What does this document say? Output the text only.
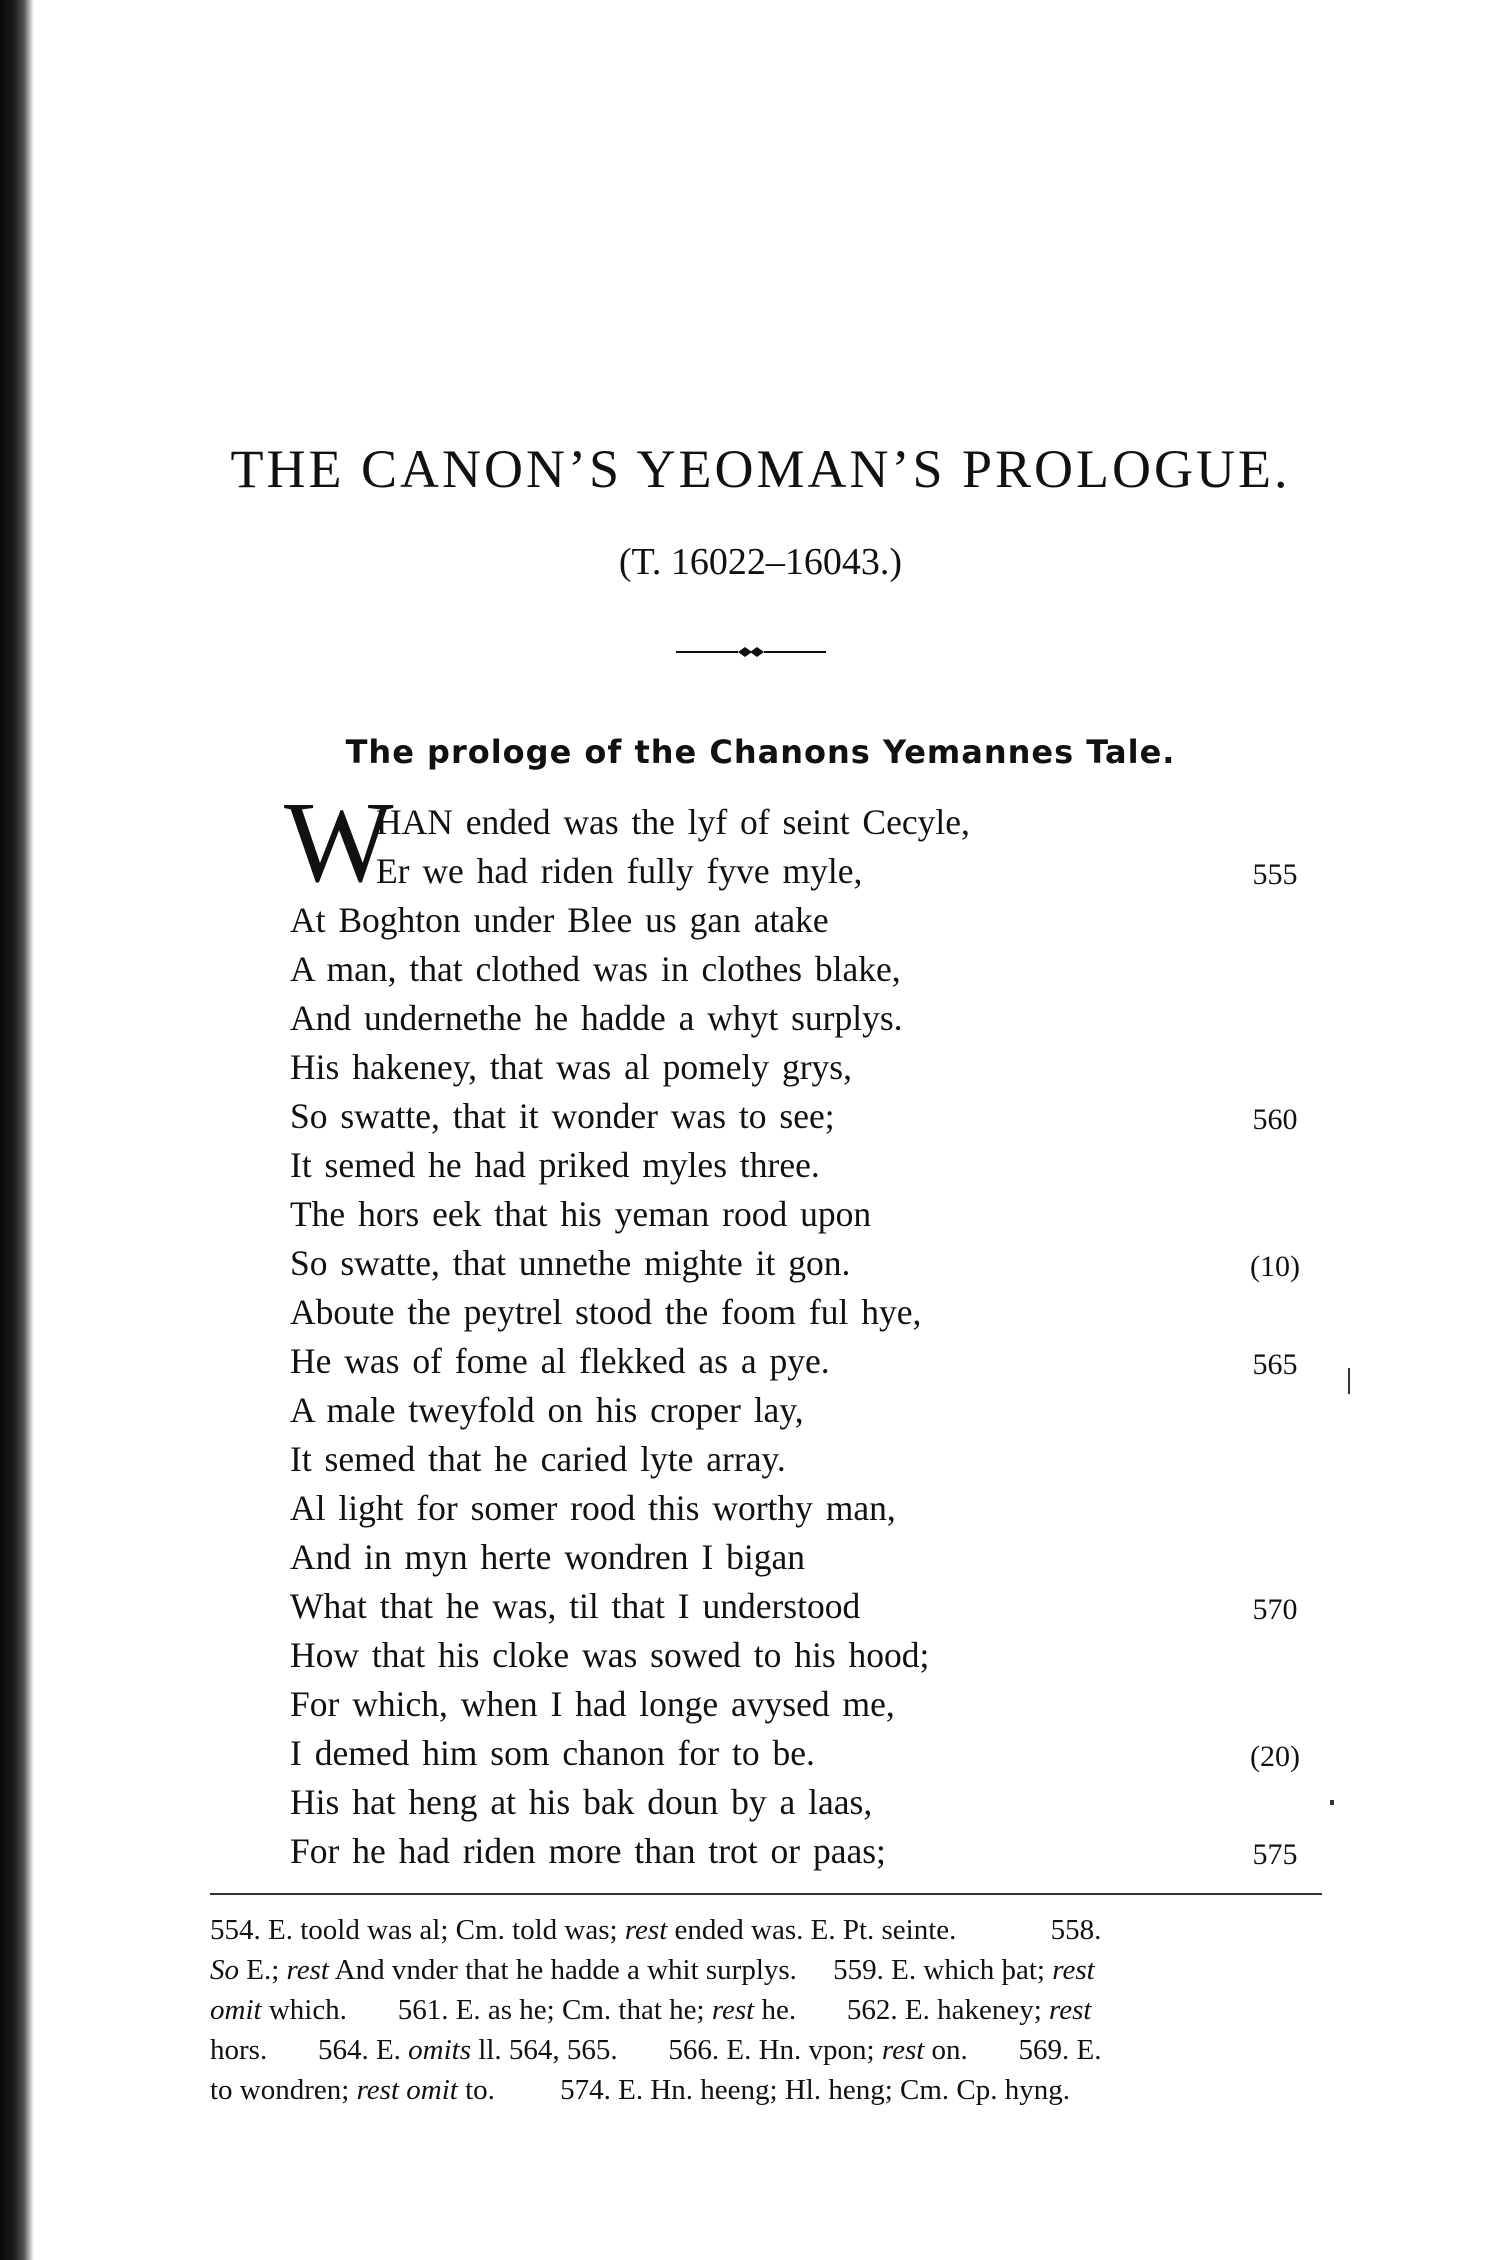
THE CANON’S YEOMAN’S PROLOGUE.
(T. 16022–16043.)
The prologe of the Chanons Yemannes Tale.
W
HAN ended was the lyf of seint Cecyle,
Er we had riden fully fyve myle,
At Boghton under Blee us gan atake
A man, that clothed was in clothes blake,
And undernethe he hadde a whyt surplys.
His hakeney, that was al pomely grys,
So swatte, that it wonder was to see;
It semed he had priked myles three.
The hors eek that his yeman rood upon
So swatte, that unnethe mighte it gon.
Aboute the peytrel stood the foom ful hye,
He was of fome al flekked as a pye.
A male tweyfold on his croper lay,
It semed that he caried lyte array.
Al light for somer rood this worthy man,
And in myn herte wondren I bigan
What that he was, til that I understood
How that his cloke was sowed to his hood;
For which, when I had longe avysed me,
I demed him som chanon for to be.
His hat heng at his bak doun by a laas,
For he had riden more than trot or paas;
555
560
(10)
565
570
(20)
575
554. E. toold was al; Cm. told was; rest ended was. E. Pt. seinte.	558.
So E.; rest And vnder that he hadde a whit surplys. 559. E. which þat; rest
omit which. 561. E. as he; Cm. that he; rest he. 562. E. hakeney; rest
hors. 564. E. omits ll. 564, 565. 566. E. Hn. vpon; rest on. 569. E.
to wondren; rest omit to. 574. E. Hn. heeng; Hl. heng; Cm. Cp. hyng.
